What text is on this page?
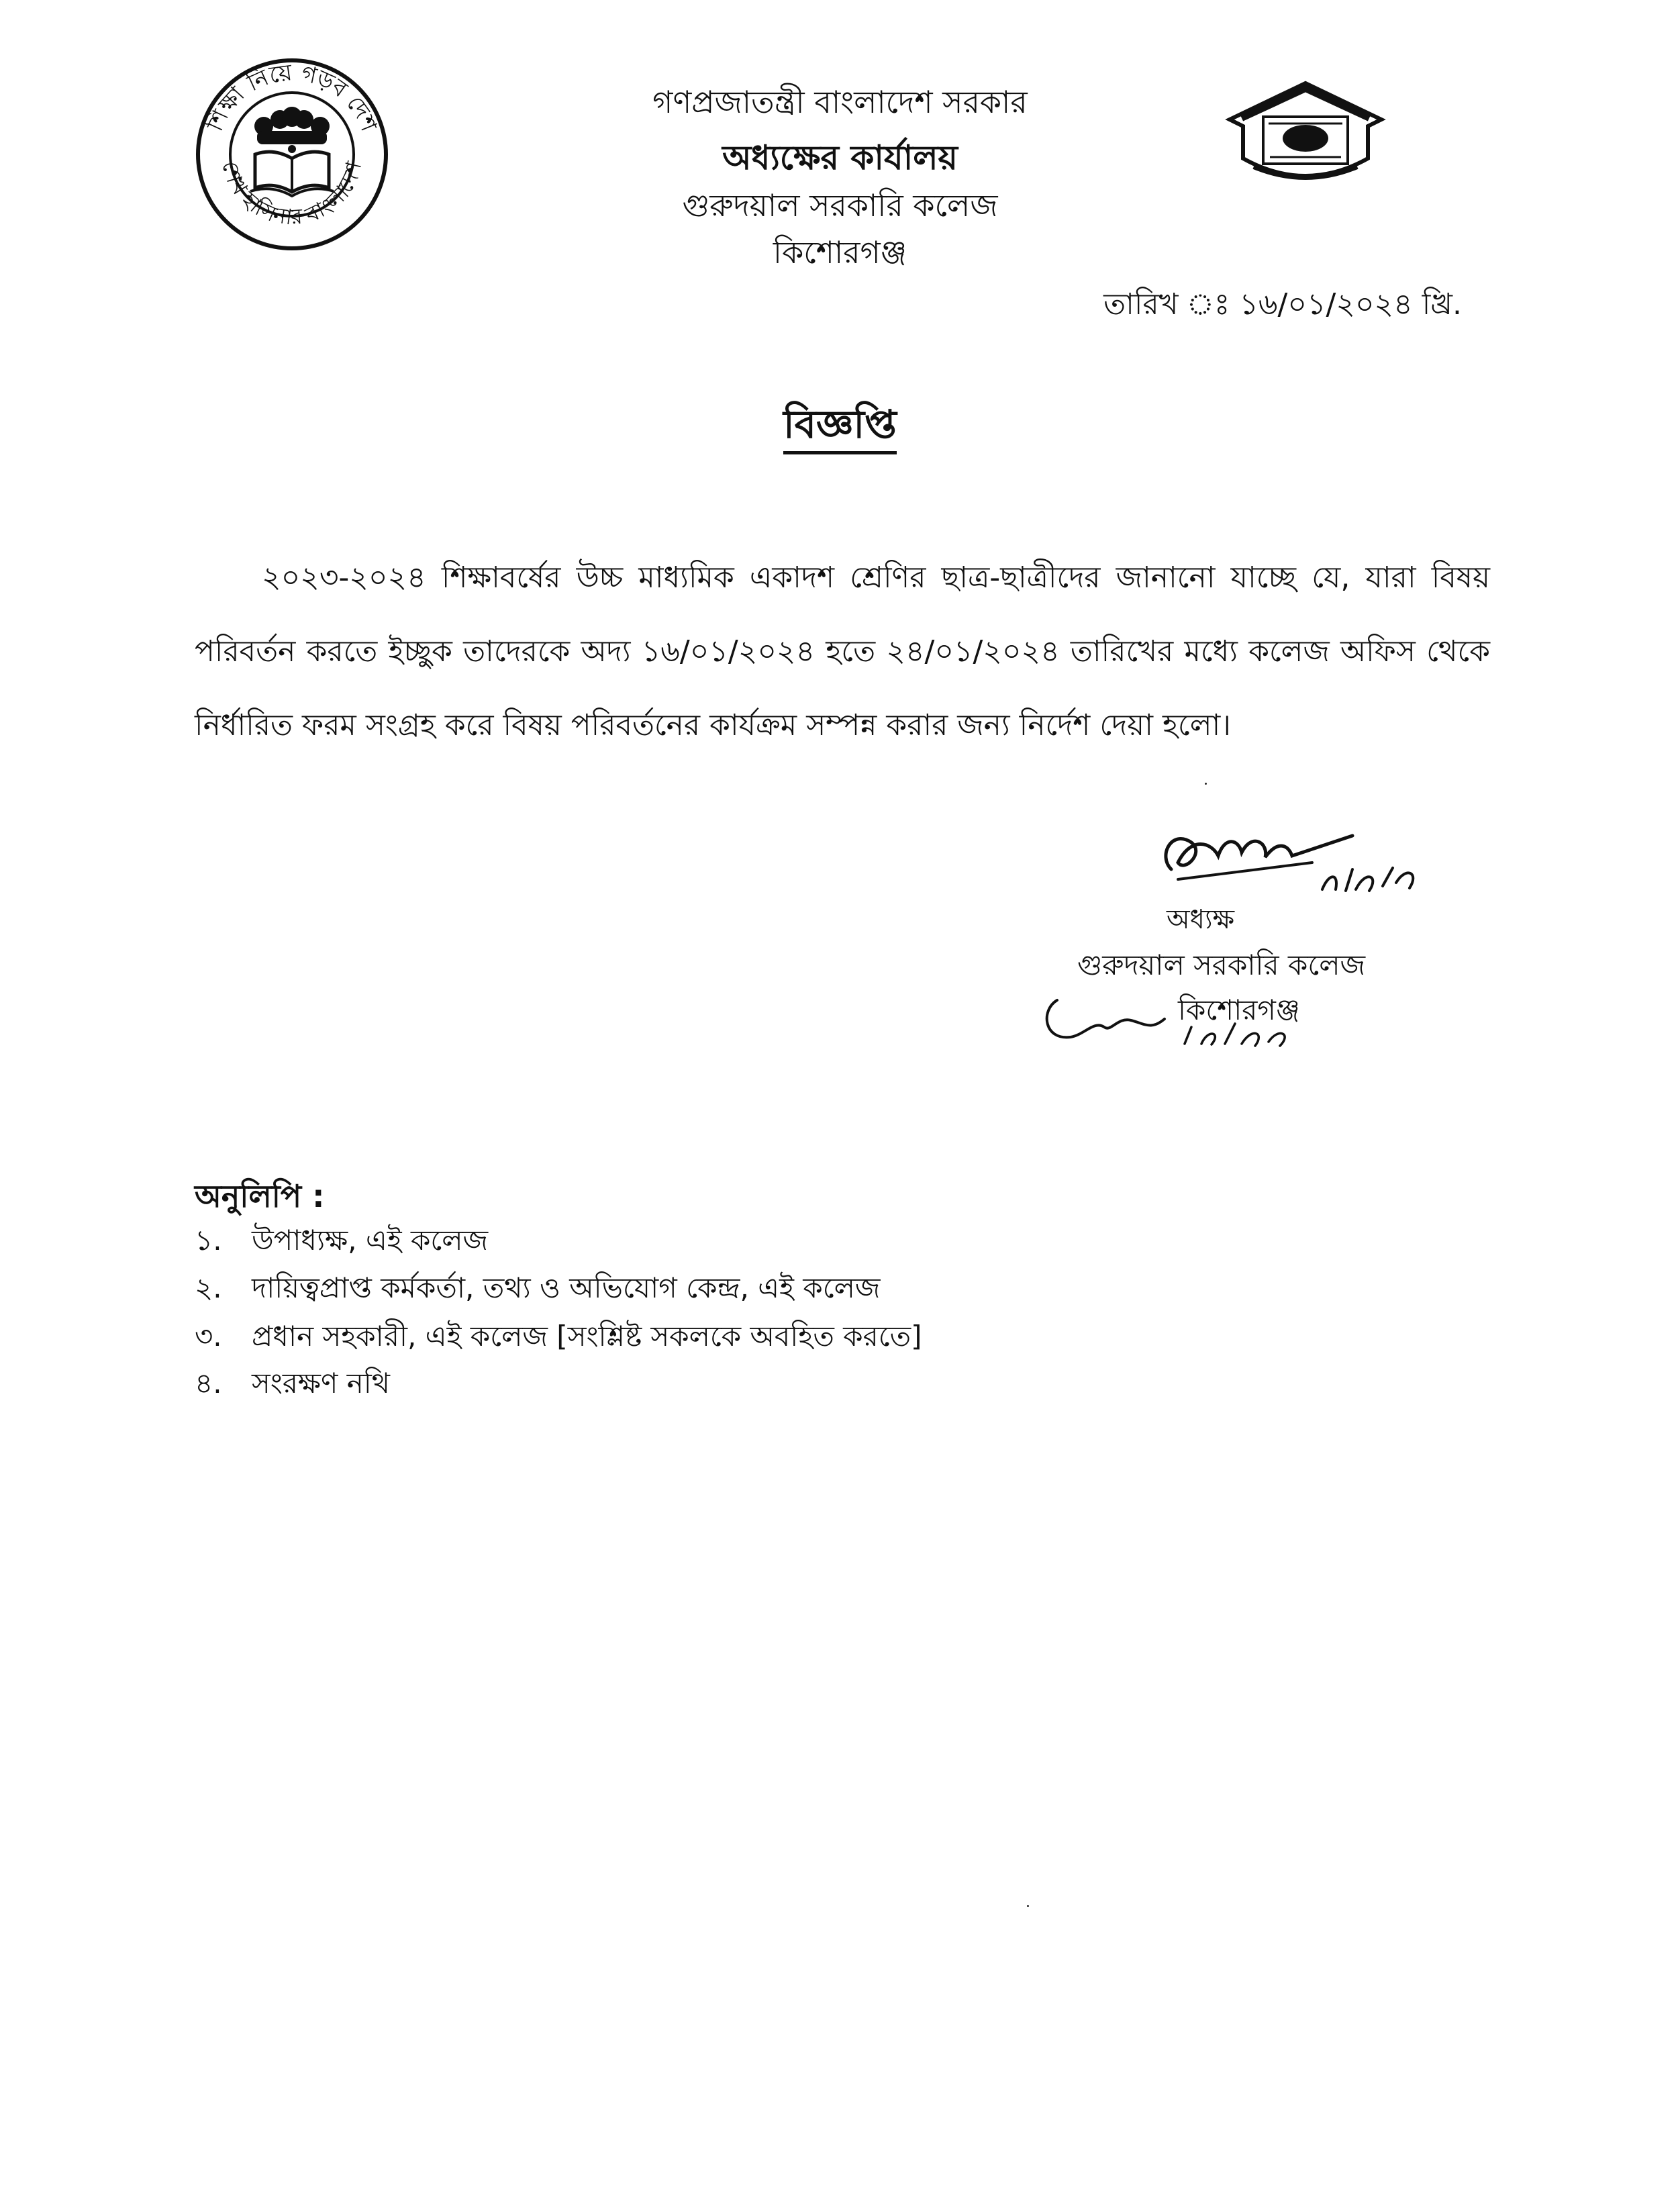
শিক্ষা নিয়ে গড়ব দেশ
শেখ হাসিনার বাংলাদেশ
গণপ্রজাতন্ত্রী বাংলাদেশ সরকার
অধ্যক্ষের কার্যালয়
গুরুদয়াল সরকারি কলেজ
কিশোরগঞ্জ
তারিখ ঃ ১৬/০১/২০২৪ খ্রি.
বিজ্ঞপ্তি
২০২৩-২০২৪ শিক্ষাবর্ষের উচ্চ মাধ্যমিক একাদশ শ্রেণির ছাত্র-ছাত্রীদের জানানো যাচ্ছে যে, যারা বিষয় পরিবর্তন করতে ইচ্ছুক তাদেরকে অদ্য ১৬/০১/২০২৪ হতে ২৪/০১/২০২৪ তারিখের মধ্যে কলেজ অফিস থেকে নির্ধারিত ফরম সংগ্রহ করে বিষয় পরিবর্তনের কার্যক্রম সম্পন্ন করার জন্য নির্দেশ দেয়া হলো।
অধ্যক্ষ
গুরুদয়াল সরকারি কলেজ
কিশোরগঞ্জ
অনুলিপি :
১. উপাধ্যক্ষ, এই কলেজ
২. দায়িত্বপ্রাপ্ত কর্মকর্তা, তথ্য ও অভিযোগ কেন্দ্র, এই কলেজ
৩. প্রধান সহকারী, এই কলেজ [সংশ্লিষ্ট সকলকে অবহিত করতে]
৪. সংরক্ষণ নথি
